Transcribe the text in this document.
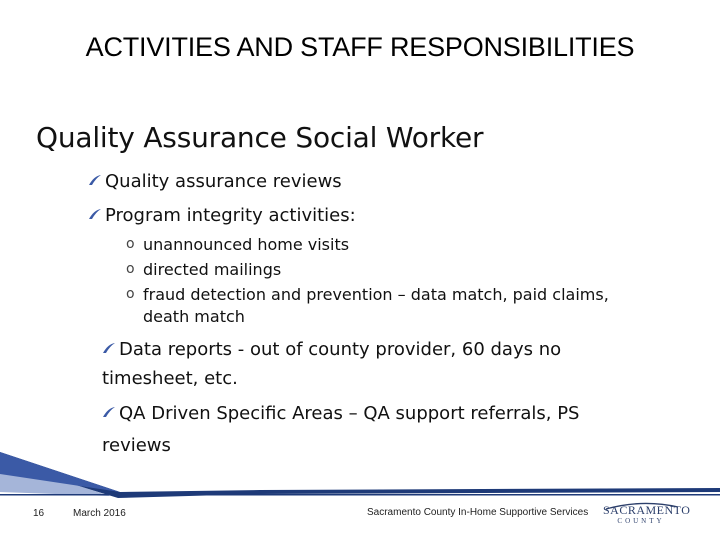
ACTIVITIES AND STAFF RESPONSIBILITIES
Quality Assurance Social Worker
Quality assurance reviews
Program integrity activities:
o unannounced home visits
o directed mailings
o fraud detection and prevention – data match, paid claims,
death match
Data reports - out of county provider, 60 days no
timesheet, etc.
QA Driven Specific Areas – QA support referrals, PS
reviews
16	March 2016	Sacramento County In-Home Supportive Services SACRAMENTO
COUNTY
